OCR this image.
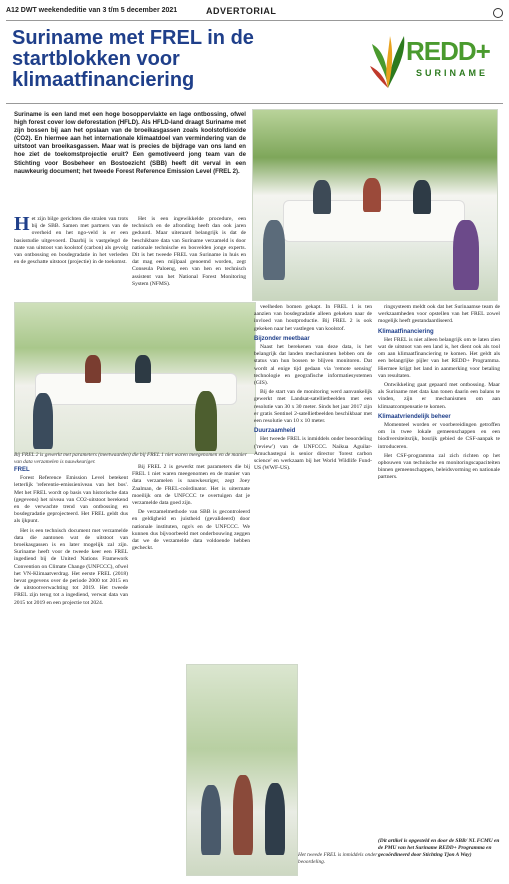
A12 DWT weekendeditie van 3 t/m 5 december 2021	ADVERTORIAL
Suriname met FREL in de startblokken voor klimaatfinanciering
REDD+
SURINAME
Suriname is een land met een hoge bosoppervlakte en lage ontbossing, ofwel high forest cover low deforestation (HFLD). Als HFLD-land draagt Suriname met zijn bossen bij aan het opslaan van de broeikasgassen zoals koolstofdioxide (CO2). En hiermee aan het internationale klimaatdoel van vermindering van de uitstoot van broeikasgassen. Maar wat is precies de bijdrage van ons land en hoe ziet de toekomstprojectie eruit? Een gemotiveerd jong team van de Stichting voor Bosbeheer en Bostoezicht (SBB) heeft dit verval in een nauwkeurig document; het tweede Forest Reference Emission Level (FREL 2).
H et zijn bilge gerichten die stralen van trots bij de SBB. Samen met partners van de overheid en het ngo-veld is er een basisstudie uitgevoerd. Daarbij is vastgelegd de mate van uitstoot van koolstof (carbon) als gevolg van ontbossing en bosdegradatie in het verleden en de geschatte uitstoot (projectie) in de toekomst.

Het is een ingewikkelde procedure, een technisch en de afronding heeft dan ook jaren geduurd. Maar uiteraard belangrijk is dat de beschikbare data van Suriname verzameld is door nationale technische en bosvelden jonge experts. Dit is het tweede FREL van Suriname in huis en dat mag een mijlpaal genoemd worden, zegt Conseula Paloeng, een van hen en technisch assistent van het National Forest Monitoring System (NFMS).

Bij FREL 2 is gewerkt met parameters (meetwaarden) die bij FREL 1 niet waren meegenomen en de manier van data verzamelen is nauwkeuriger.
FREL

Forest Reference Emission Level betekent letterlijk 'referentie-emissieniveau van het bos'. Met het FREL wordt op basis van historische data (gegevens) het niveau van CO2-uitstoot berekend en de verwachte trend van ontbossing en bosdegradatie geprojecteerd. Het FREL geldt dus als ijkpunt.

Het is een technisch document met verzamelde data die aantonen wat de uitstoot van broeikasgassen is en later mogelijk zal zijn. Suriname heeft voor de tweede keer een FREL ingediend bij de United Nations Framework Convention on Climate Change (UNFCCC), ofwel het VN-Klimaatverdrag. Het eerste FREL (2018) bevat gegevens over de periode 2000 tot 2015 en de uitstootverwachting tot 2019. Het tweede FREL zijn terug tot a ingediend, verwat data van 2015 tot 2019 en een projectie tot 2024.

veelheden bomen gekapt. In FREL 1 is ten aanzien van bosdegradatie alleen gekeken naar de invloed van houtproductie. Bij FREL 2 is ook gekeken naar het vastlegen van koolstof.

Bijzonder meetbaar

Naast het berekenen van deze data, is het belangrijk dat landen mechanismen hebben om de status van hun bossen te blijven monitoren. Dat wordt al enige tijd gedaan via 'remote sensing' technologie en geografische informatiesystemen (GIS).

Bij de start van de monitoring werd aanvankelijk gewerkt met Landsat-satellietbeelden met een resolutie van 30 x 30 meter. Sinds het jaar 2017 zijn er gratis Sentinel 2-satellietbeelden beschikbaar met een resolutie van 10 x 10 meter.

Duurzaamheid

Het tweede FREL is inmiddels onder beoordeling ('review') van de UNFCCC. Naikua Aguilar-Amuchastegui is senior director 'forest carbon science' en werkzaam bij het World Wildlife Fund-US (WWF-US).

Bij FREL 2 is gewerkt met parameters die bij FREL 1 niet waren meegenomen en de manier van data verzamelen is nauwkeuriger, zegt Joey Zaalman, de FREL-coördinator. Het is uitermate moeilijk om de UNFCCC te overtuigen dat je verzamelde data goed zijn.

De verzamelmethode van SBB is gecontroleerd en geldigheid en juistheid (gevalideerd) door nationale instituten, ngo's en de UNFCCC. We kunnen dus bijvoorbeeld met onderbouwing zeggen dat we de verzamelde data voldoende hebben gecheckt.

ringsysteem meldt ook dat het Surinaamse team de werkzaamheden voor opstellen van het FREL zowel mogelijk heeft gestandaardiseerd.

Klimaatfinanciering

Het FREL is niet alleen belangrijk om te laten zien wat de uitstoot van een land is, het dient ook als tool om aan klimaatfinanciering te komen. Het geldt als een belangrijke pijler van het REDD+ Programma. Hiermee krijgt het land in aanmerking voor betaling van resultaten.

Ontwikkeling gaat gepaard met ontbossing. Maar als Suriname met data kan tonen daarin een balans te vinden, zijn er mechanismen om aan klimaatcompensatie te komen.

Klimaatvriendelijk beheer

Momenteel worden er voorbereidingen getroffen om in twee lokale gemeenschappen en een biodiversiteitsrijk, bosrijk gebied de CSF-aanpak te introduceren.

Het CSF-programma zal zich richten op het opbouwen van technische en monitoringscapaciteiten binnen gemeenschappen, beleidsvorming en nationale partners.

Het tweede FREL is inmiddels onder beoordeling.
(Dit artikel is opgesteld en door de SBB/ NL FCMU en de PMU van het Suriname REDD+ Programma en gecoördineerd door Stichting Tjon A Way)
